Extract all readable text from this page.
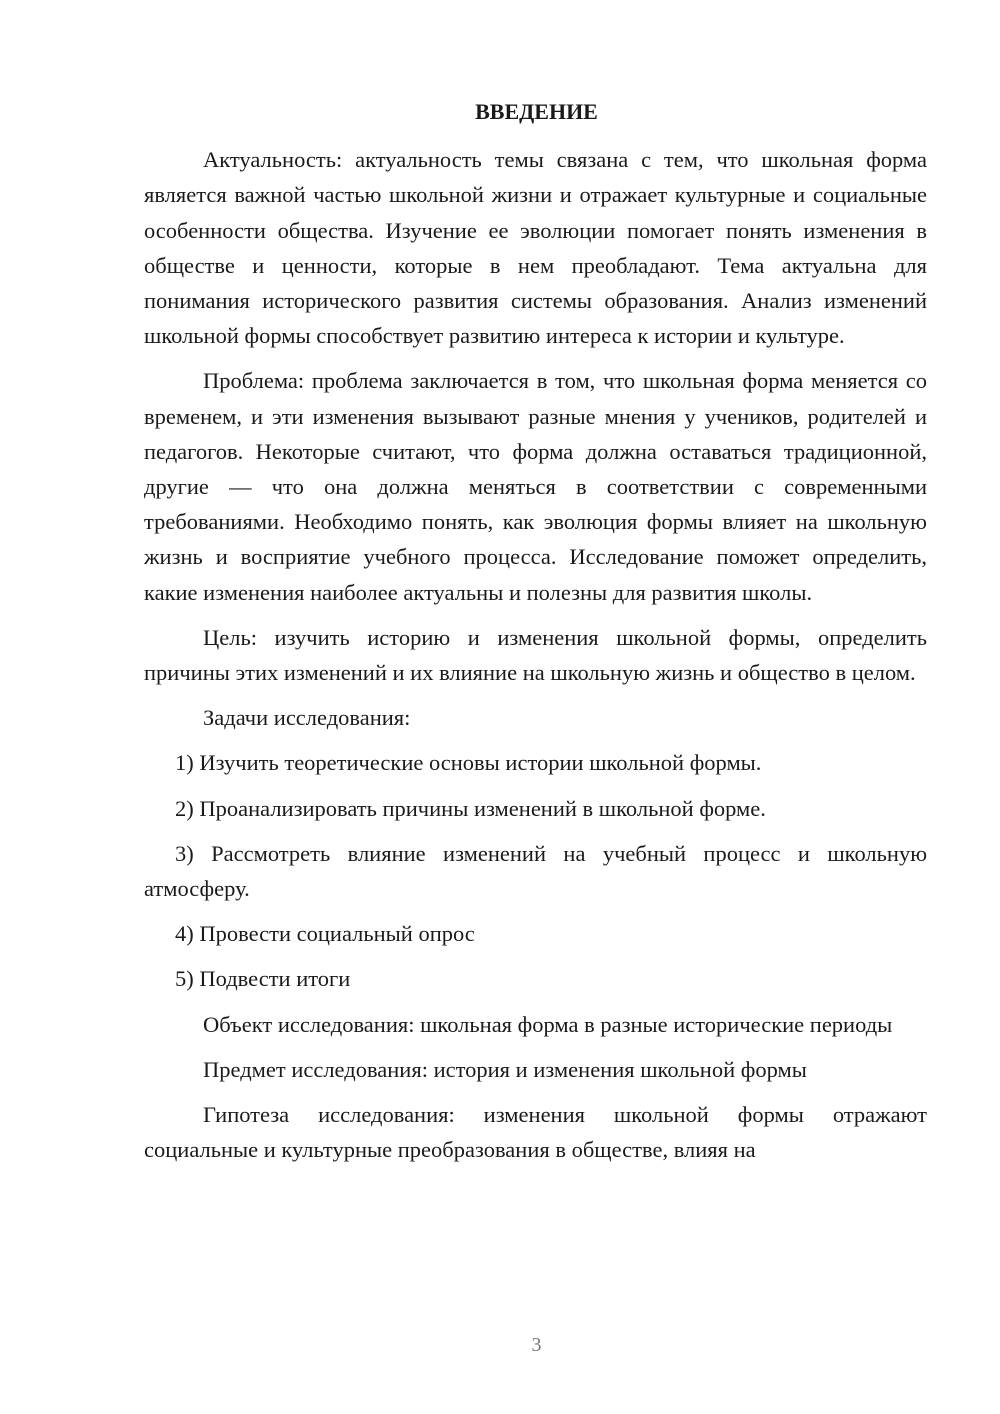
ВВЕДЕНИЕ

Актуальность: актуальность темы связана с тем, что школьная форма является важной частью школьной жизни и отражает культурные и социальные особенности общества. Изучение ее эволюции помогает понять изменения в обществе и ценности, которые в нем преобладают. Тема актуальна для понимания исторического развития системы образования. Анализ изменений школьной формы способствует развитию интереса к истории и культуре.

Проблема: проблема заключается в том, что школьная форма меняется со временем, и эти изменения вызывают разные мнения у учеников, родителей и педагогов. Некоторые считают, что форма должна оставаться традиционной, другие — что она должна меняться в соответствии с современными требованиями. Необходимо понять, как эволюция формы влияет на школьную жизнь и восприятие учебного процесса. Исследование поможет определить, какие изменения наиболее актуальны и полезны для развития школы.

Цель: изучить историю и изменения школьной формы, определить причины этих изменений и их влияние на школьную жизнь и общество в целом.

Задачи исследования:

1) Изучить теоретические основы истории школьной формы.

2) Проанализировать причины изменений в школьной форме.

3) Рассмотреть влияние изменений на учебный процесс и школьную атмосферу.

4) Провести социальный опрос

5) Подвести итоги

Объект исследования: школьная форма в разные исторические периоды

Предмет исследования: история и изменения школьной формы

Гипотеза исследования: изменения школьной формы отражают социальные и культурные преобразования в обществе, влияя на

3
